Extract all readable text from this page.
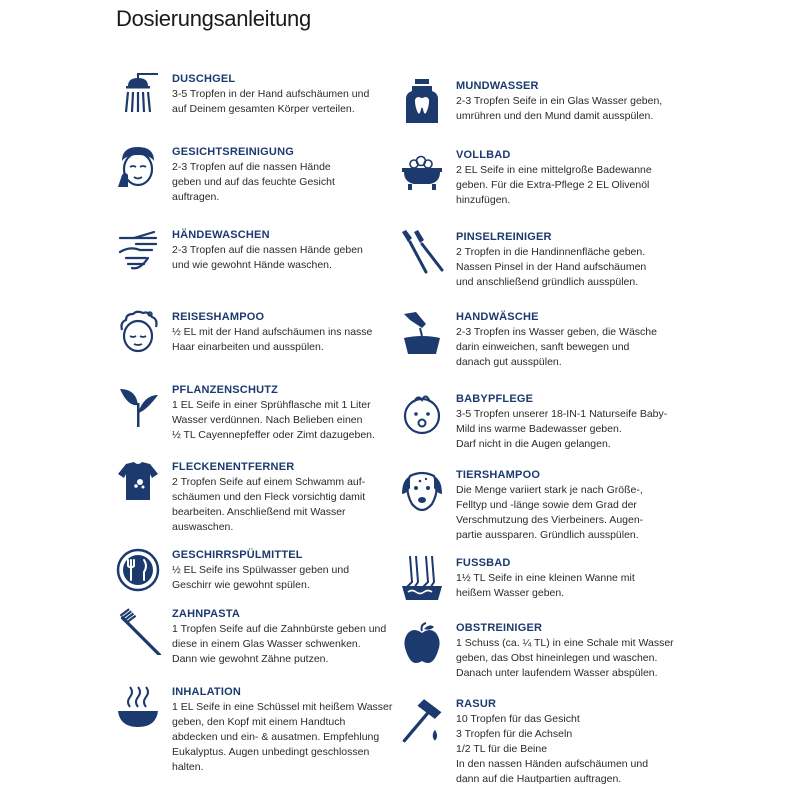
Dosierungsanleitung
DUSCHGEL
3-5 Tropfen in der Hand aufschäumen und
auf Deinem gesamten Körper verteilen.
GESICHTSREINIGUNG
2-3 Tropfen auf die nassen Hände
geben und auf das feuchte Gesicht
auftragen.
HÄNDEWASCHEN
2-3 Tropfen auf die nassen Hände geben
und wie gewohnt Hände waschen.
REISESHAMPOO
½ EL mit der Hand aufschäumen ins nasse
Haar einarbeiten und ausspülen.
PFLANZENSCHUTZ
1 EL Seife in einer Sprühflasche mit 1 Liter
Wasser verdünnen. Nach Belieben einen
½ TL Cayennepfeffer oder Zimt dazugeben.
FLECKENENTFERNER
2 Tropfen Seife auf einem Schwamm auf-
schäumen und den Fleck vorsichtig damit
bearbeiten. Anschließend mit Wasser
auswaschen.
GESCHIRRSPÜLMITTEL
½ EL Seife ins Spülwasser geben und
Geschirr wie gewohnt spülen.
ZAHNPASTA
1 Tropfen Seife auf die Zahnbürste geben und
diese in einem Glas Wasser schwenken.
Dann wie gewohnt Zähne putzen.
INHALATION
1 EL Seife in eine Schüssel mit heißem Wasser
geben, den Kopf mit einem Handtuch
abdecken und ein- & ausatmen. Empfehlung
Eukalyptus. Augen unbedingt geschlossen
halten.
MUNDWASSER
2-3 Tropfen Seife in ein Glas Wasser geben,
umrühren und den Mund damit ausspülen.
VOLLBAD
2 EL Seife in eine mittelgroße Badewanne
geben. Für die Extra-Pflege 2 EL Olivenöl
hinzufügen.
PINSELREINIGER
2 Tropfen in die Handinnenfläche geben.
Nassen Pinsel in der Hand aufschäumen
und anschließend gründlich ausspülen.
HANDWÄSCHE
2-3 Tropfen ins Wasser geben, die Wäsche
darin einweichen, sanft bewegen und
danach gut ausspülen.
BABYPFLEGE
3-5 Tropfen unserer 18-IN-1 Naturseife Baby-
Mild ins warme Badewasser geben.
Darf nicht in die Augen gelangen.
TIERSHAMPOO
Die Menge variiert stark je nach Größe-,
Felltyp und -länge sowie dem Grad der
Verschmutzung des Vierbeiners. Augen-
partie aussparen. Gründlich ausspülen.
FUSSBAD
1½ TL Seife in eine kleinen Wanne mit
heißem Wasser geben.
OBSTREINIGER
1 Schuss (ca. ¼ TL) in eine Schale mit Wasser
geben, das Obst hineinlegen und waschen.
Danach unter laufendem Wasser abspülen.
RASUR
10 Tropfen für das Gesicht
3 Tropfen für die Achseln
1/2 TL für die Beine
In den nassen Händen aufschäumen und
dann auf die Hautpartien auftragen.
